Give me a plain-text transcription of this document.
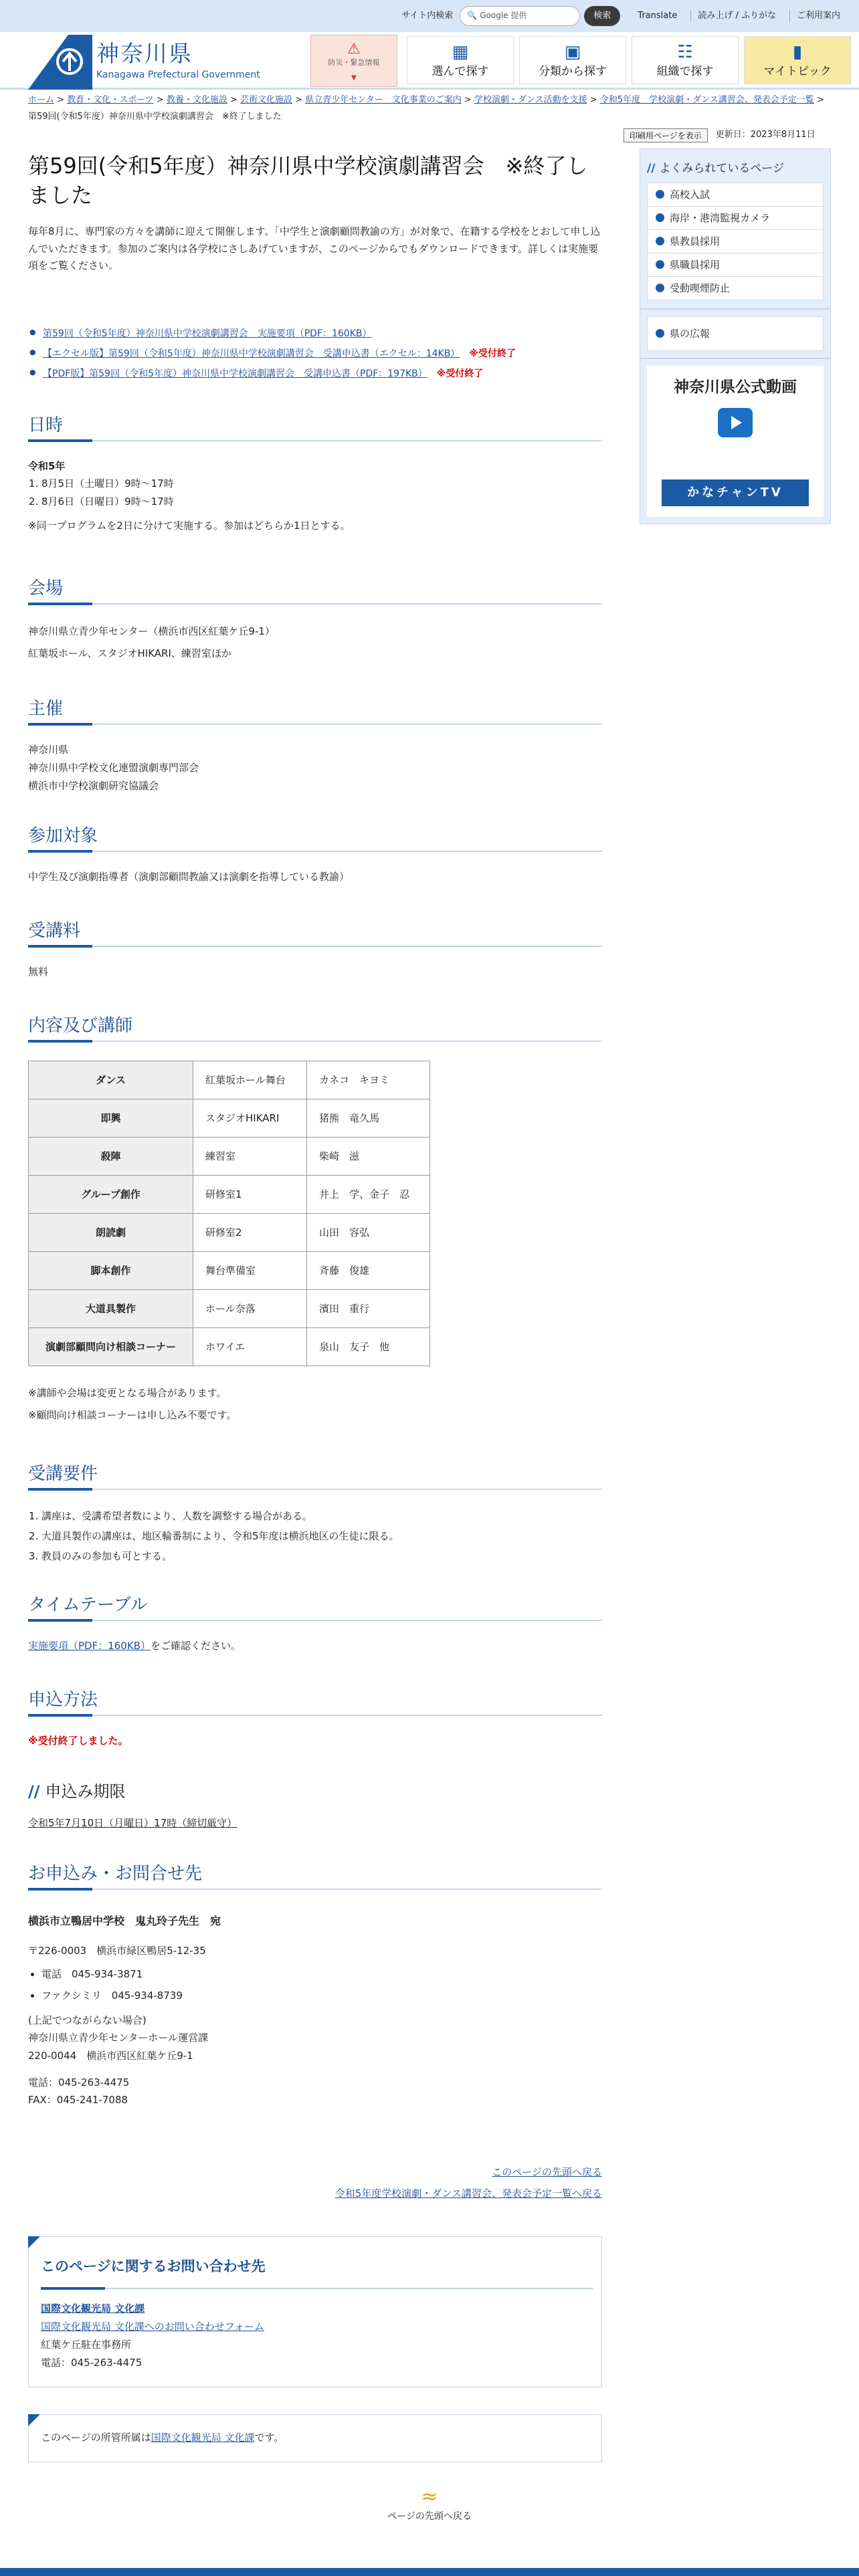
サイト内検索 🔍 Google 提供	検索	Translate	読み上げ / ふりがな	ご利用案内
神奈川県
Kanagawa Prefectural Government
⚠
防災・緊急情報
▼
▦
選んで探す
▣
分類から探す
☷
組織で探す
▮
マイトピック
ホーム > 教育・文化・スポーツ > 教養・文化施設 > 芸術文化施設 > 県立青少年センター　文化事業のご案内 > 学校演劇・ダンス活動を支援 > 令和5年度　学校演劇・ダンス講習会、発表会予定一覧 > 第59回(令和5年度）神奈川県中学校演劇講習会　※終了しました
印刷用ページを表示	更新日：2023年8月11日
第59回(令和5年度）神奈川県中学校演劇講習会　※終了しました

毎年8月に、専門家の方々を講師に迎えて開催します。「中学生と演劇顧問教諭の方」が対象で、在籍する学校をとおして申し込んでいただきます。参加のご案内は各学校にさしあげていますが、このページからでもダウンロードできます。詳しくは実施要項をご覧ください。

● 第59回（令和5年度）神奈川県中学校演劇講習会　実施要項（PDF：160KB）
● 【エクセル版】第59回（令和5年度）神奈川県中学校演劇講習会　受講申込書（エクセル：14KB） ※受付終了
● 【PDF版】第59回（令和5年度）神奈川県中学校演劇講習会　受講申込書（PDF：197KB） ※受付終了
日時
令和5年
1. 8月5日（土曜日）9時～17時
2. 8月6日（日曜日）9時～17時
※同一プログラムを2日に分けて実施する。参加はどちらか1日とする。
会場
神奈川県立青少年センター（横浜市西区紅葉ケ丘9-1）
紅葉坂ホール、スタジオHIKARI、練習室ほか
主催
神奈川県
神奈川県中学校文化連盟演劇専門部会
横浜市中学校演劇研究協議会
参加対象
中学生及び演劇指導者（演劇部顧問教諭又は演劇を指導している教諭）
受講料
無料
内容及び講師
ダンス	紅葉坂ホール舞台	カネコ　キヨミ
即興	スタジオHIKARI	猪熊　竜久馬
殺陣	練習室	柴崎　滋
グループ創作	研修室1	井上　学、金子　忍
朗読劇	研修室2	山田　容弘
脚本創作	舞台準備室	斉藤　俊雄
大道具製作	ホール奈落	濱田　重行
演劇部顧問向け相談コーナー	ホワイエ	泉山　友子　他
※講師や会場は変更となる場合があります。
※顧問向け相談コーナーは申し込み不要です。
受講要件
1. 講座は、受講希望者数により、人数を調整する場合がある。
2. 大道具製作の講座は、地区輪番制により、令和5年度は横浜地区の生徒に限る。
3. 教員のみの参加も可とする。
タイムテーブル
実施要項（PDF：160KB）をご確認ください。
申込方法
※受付終了しました。
// 申込み期限
令和5年7月10日（月曜日）17時（締切厳守）
お申込み・お問合せ先
横浜市立鴨居中学校　鬼丸玲子先生　宛
〒226-0003　横浜市緑区鴨居5-12-35
• 電話　045-934-3871
• ファクシミリ　045-934-8739
(上記でつながらない場合)
神奈川県立青少年センターホール運営課
220-0044　横浜市西区紅葉ケ丘9-1
電話：045-263-4475
FAX：045-241-7088
このページの先頭へ戻る
令和5年度学校演劇・ダンス講習会、発表会予定一覧へ戻る
このページに関するお問い合わせ先
国際文化観光局 文化課
国際文化観光局 文化課へのお問い合わせフォーム
紅葉ケ丘駐在事務所
電話：045-263-4475
このページの所管所属は国際文化観光局 文化課です。
// よくみられているページ
高校入試
海岸・港湾監視カメラ
県教員採用
県職員採用
受動喫煙防止
県の広報
神奈川県公式動画
かなチャンTV
≈
ページの先頭へ戻る
